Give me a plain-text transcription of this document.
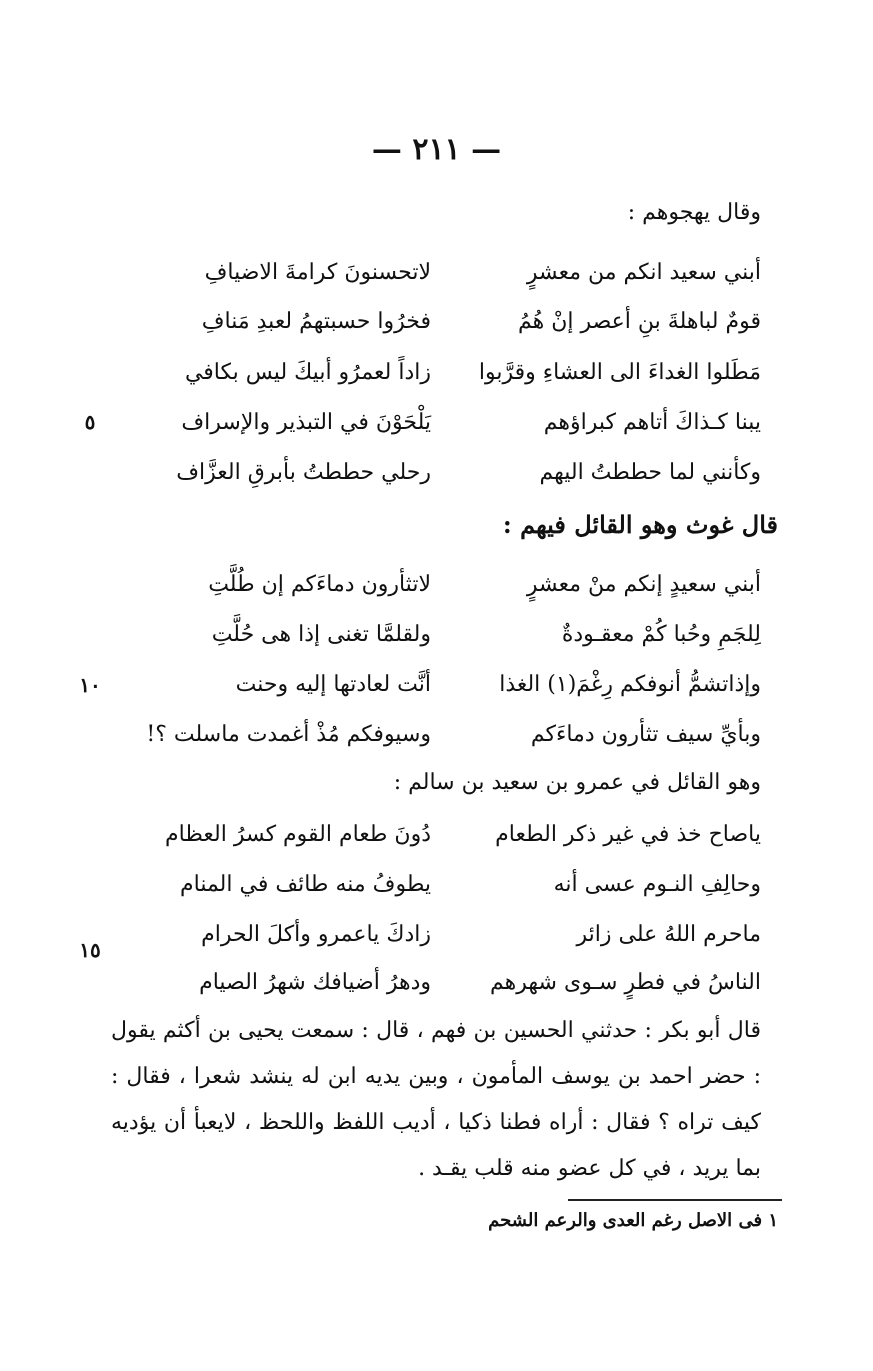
— ٢١١ —
وقال يهجوهم :
أبني سعيد انكم من معشرٍ
لاتحسنونَ كرامةَ الاضيافِ
قومٌ لباهلةَ بنِ أعصر إنْ هُمُ
فخرُوا حسبتهمُ لعبدِ مَنافِ
مَطَلوا الغداءَ الى العشاءِ وقرَّبوا
زاداً لعمرُو أبيكَ ليس بكافي
يبنا كـذاكَ أتاهم كبراؤهم
يَلْحَوْنَ في التبذير والإسراف
٥
وكأنني لما حططتُ اليهم
رحلي حططتُ بأبرقِ العزَّاف
قال غوث وهو القائل فيهم :
أبني سعيدٍ إنكم منْ معشرٍ
لاتثأرون دماءَكم إن طُلَّتِ
لِلجَمِ وحُبا كُمْ معقـودةٌ
ولقلمَّا تغنى إذا هى حُلَّتِ
وإذاتشمُّ أنوفكم رِغْمَ(١) الغذا
أنَّت لعادتها إليه وحنت
١٠
وبأيِّ سيف تثأرون دماءَكم
وسيوفكم مُذْ أغمدت ماسلت ؟!
وهو القائل في عمرو بن سعيد بن سالم :
ياصاح خذ في غير ذكر الطعام
دُونَ طعام القوم كسرُ العظام
وحالِفِ النـوم عسى أنه
يطوفُ منه طائف في المنام
ماحرم اللهُ على زائر
زادكَ ياعمرو وأكلَ الحرام
١٥
الناسُ في فطرٍ سـوى شهرهم
ودهرُ أضيافك شهرُ الصيام
قال أبو بكر : حدثني الحسين بن فهم ، قال : سمعت يحيى بن أكثم يقول : حضر احمد بن يوسف المأمون ، وبين يديه ابن له ينشد شعرا ، فقال : كيف تراه ؟ فقال : أراه فطنا ذكيا ، أديب اللفظ واللحظ ، لايعبأ أن يؤديه بما يريد ، في كل عضو منه قلب يقـد .
١ فى الاصل رغم العدى والرعم الشحم
